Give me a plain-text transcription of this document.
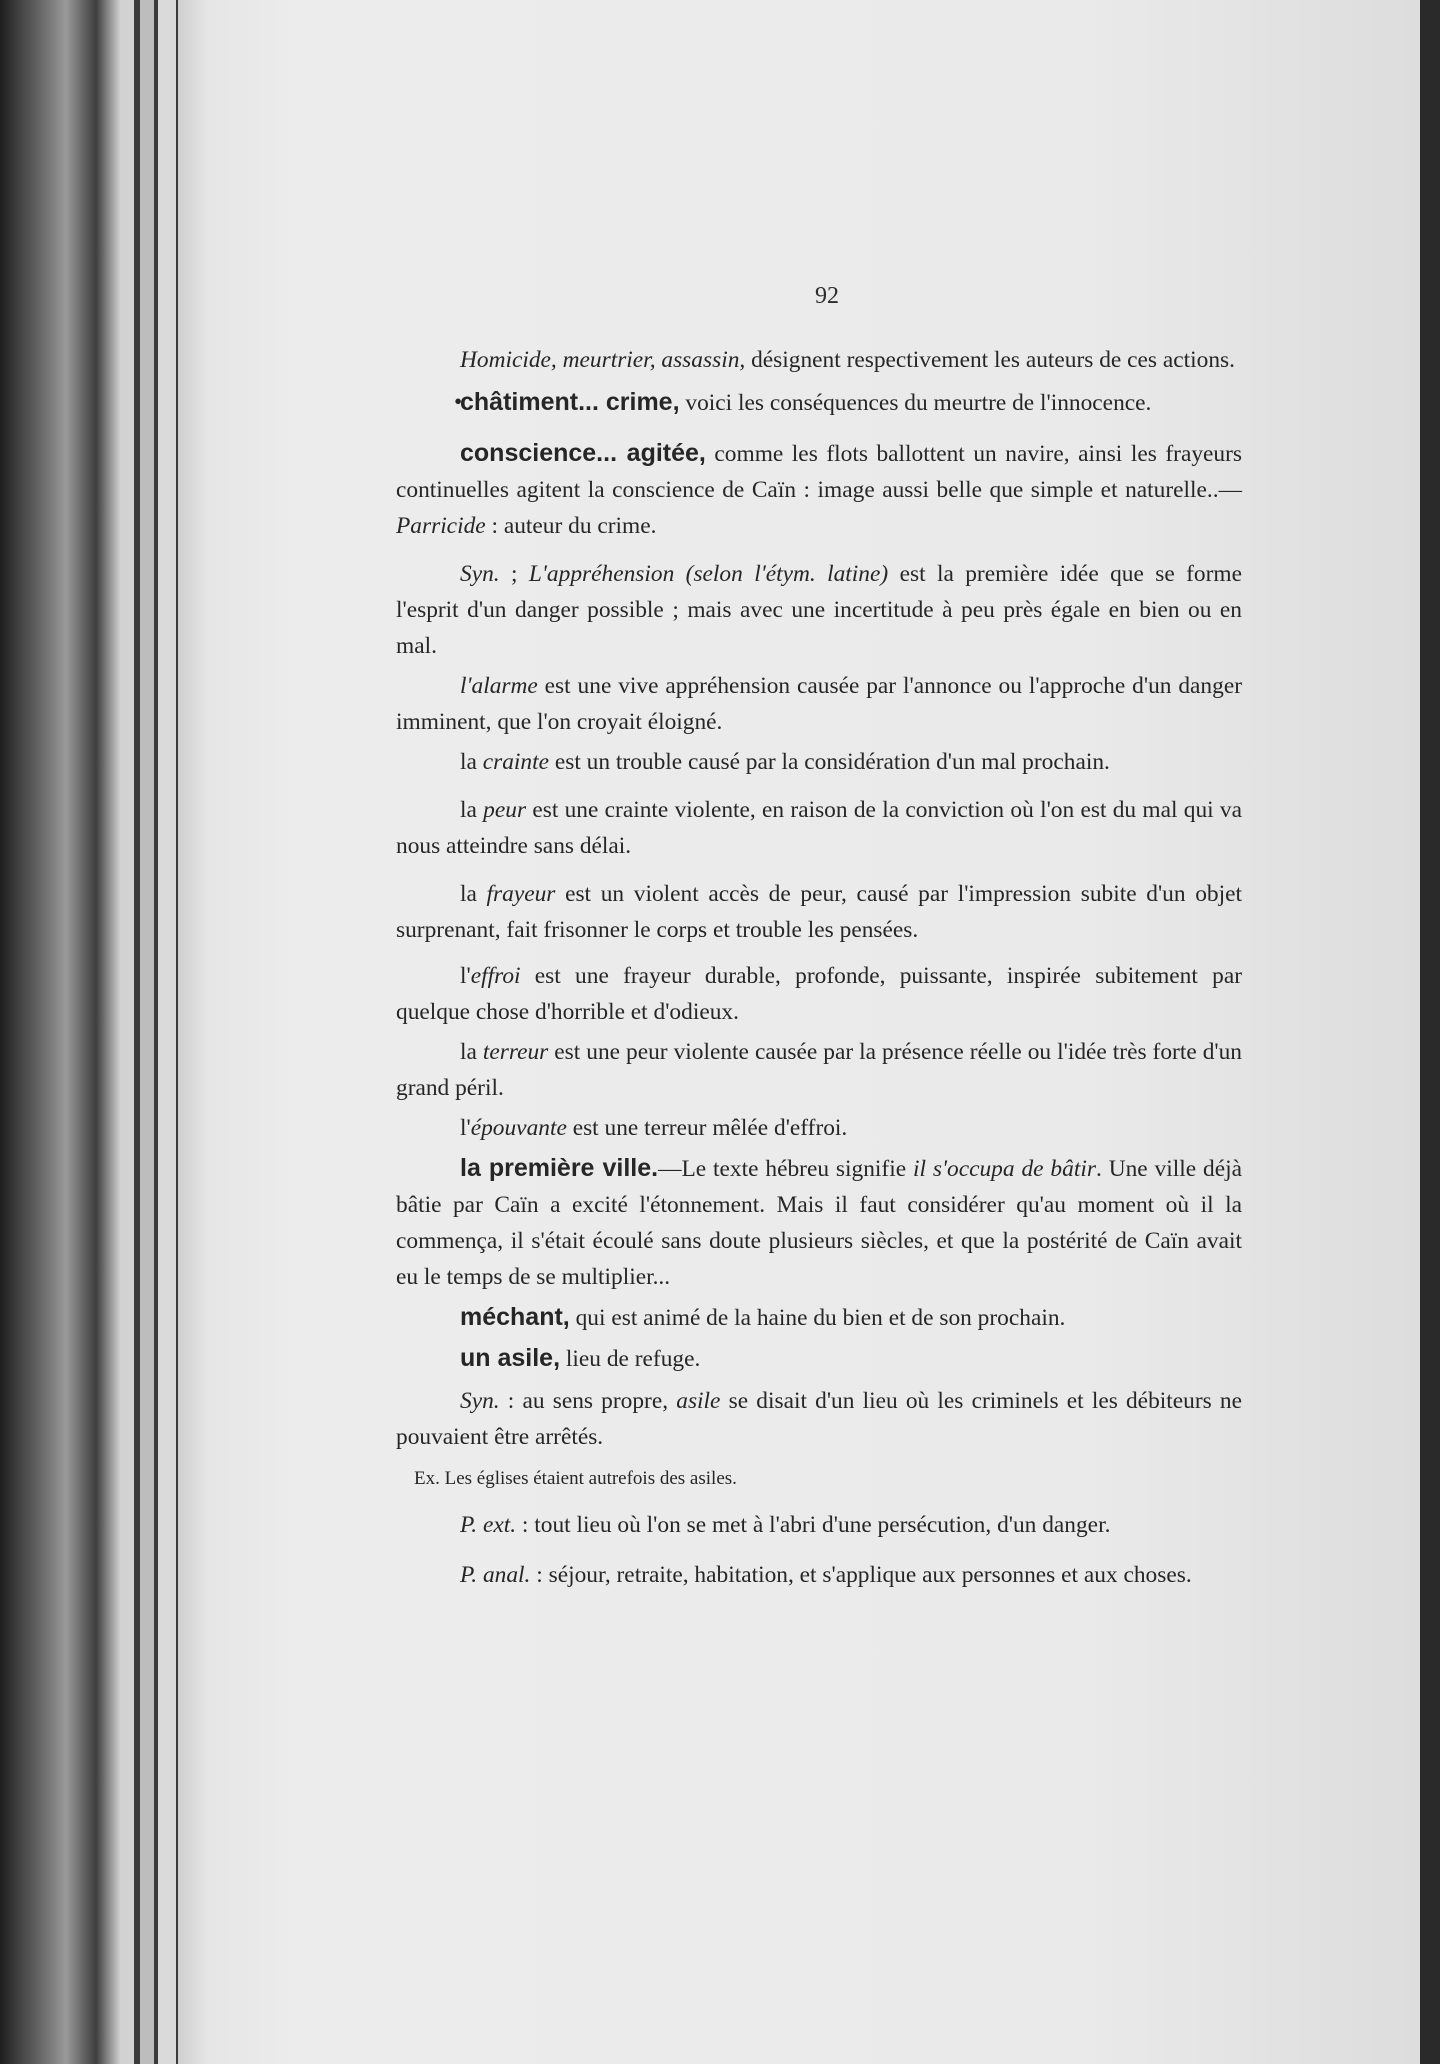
92

Homicide, meurtrier, assassin, désignent respectivement les auteurs de ces actions.

•
châtiment... crime, voici les conséquences du meurtre de l'innocence.

conscience... agitée, comme les flots ballottent un navire, ainsi les frayeurs continuelles agitent la conscience de Caïn : image aussi belle que simple et naturelle..—Parricide : auteur du crime.

Syn. ; L'appréhension (selon l'étym. latine) est la première idée que se forme l'esprit d'un danger possible ; mais avec une incertitude à peu près égale en bien ou en mal.

l'alarme est une vive appréhension causée par l'annonce ou l'approche d'un danger imminent, que l'on croyait éloigné.

la crainte est un trouble causé par la considération d'un mal prochain.

la peur est une crainte violente, en raison de la conviction où l'on est du mal qui va nous atteindre sans délai.

la frayeur est un violent accès de peur, causé par l'impression subite d'un objet surprenant, fait frisonner le corps et trouble les pensées.

l'effroi est une frayeur durable, profonde, puissante, inspirée subitement par quelque chose d'horrible et d'odieux.

la terreur est une peur violente causée par la présence réelle ou l'idée très forte d'un grand péril.

l'épouvante est une terreur mêlée d'effroi.

la première ville.—Le texte hébreu signifie il s'occupa de bâtir. Une ville déjà bâtie par Caïn a excité l'étonnement. Mais il faut considérer qu'au moment où il la commença, il s'était écoulé sans doute plusieurs siècles, et que la postérité de Caïn avait eu le temps de se multiplier...

méchant, qui est animé de la haine du bien et de son prochain.

un asile, lieu de refuge.

Syn. : au sens propre, asile se disait d'un lieu où les criminels et les débiteurs ne pouvaient être arrêtés.

Ex. Les églises étaient autrefois des asiles.

P. ext. : tout lieu où l'on se met à l'abri d'une persécution, d'un danger.

P. anal. : séjour, retraite, habitation, et s'applique aux personnes et aux choses.
